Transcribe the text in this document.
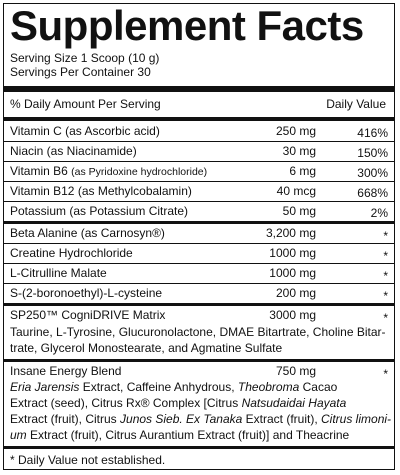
Supplement Facts
Serving Size 1 Scoop (10 g)
Servings Per Container 30
% Daily Amount Per Serving	Daily Value
Vitamin C (as Ascorbic acid)	250 mg	416%
Niacin (as Niacinamide)	30 mg	150%
Vitamin B6 (as Pyridoxine hydrochloride)	6 mg	300%
Vitamin B12 (as Methylcobalamin)	40 mcg	668%
Potassium (as Potassium Citrate)	50 mg	2%
Beta Alanine (as Carnosyn®)	3,200 mg	*
Creatine Hydrochloride	1000 mg	*
L-Citrulline Malate	1000 mg	*
S-(2-boronoethyl)-L-cysteine	200 mg	*
SP250™ CogniDRIVE Matrix	3000 mg	*
Taurine, L-Tyrosine, Glucuronolactone, DMAE Bitartrate, Choline Bitar-
trate, Glycerol Monostearate, and Agmatine Sulfate
Insane Energy Blend	750 mg	*
Eria Jarensis Extract, Caffeine Anhydrous, Theobroma Cacao
Extract (seed), Citrus Rx® Complex [Citrus Natsudaidai Hayata
Extract (fruit), Citrus Junos Sieb. Ex Tanaka Extract (fruit), Citrus limoni-
um Extract (fruit), Citrus Aurantium Extract (fruit)] and Theacrine
* Daily Value not established.
